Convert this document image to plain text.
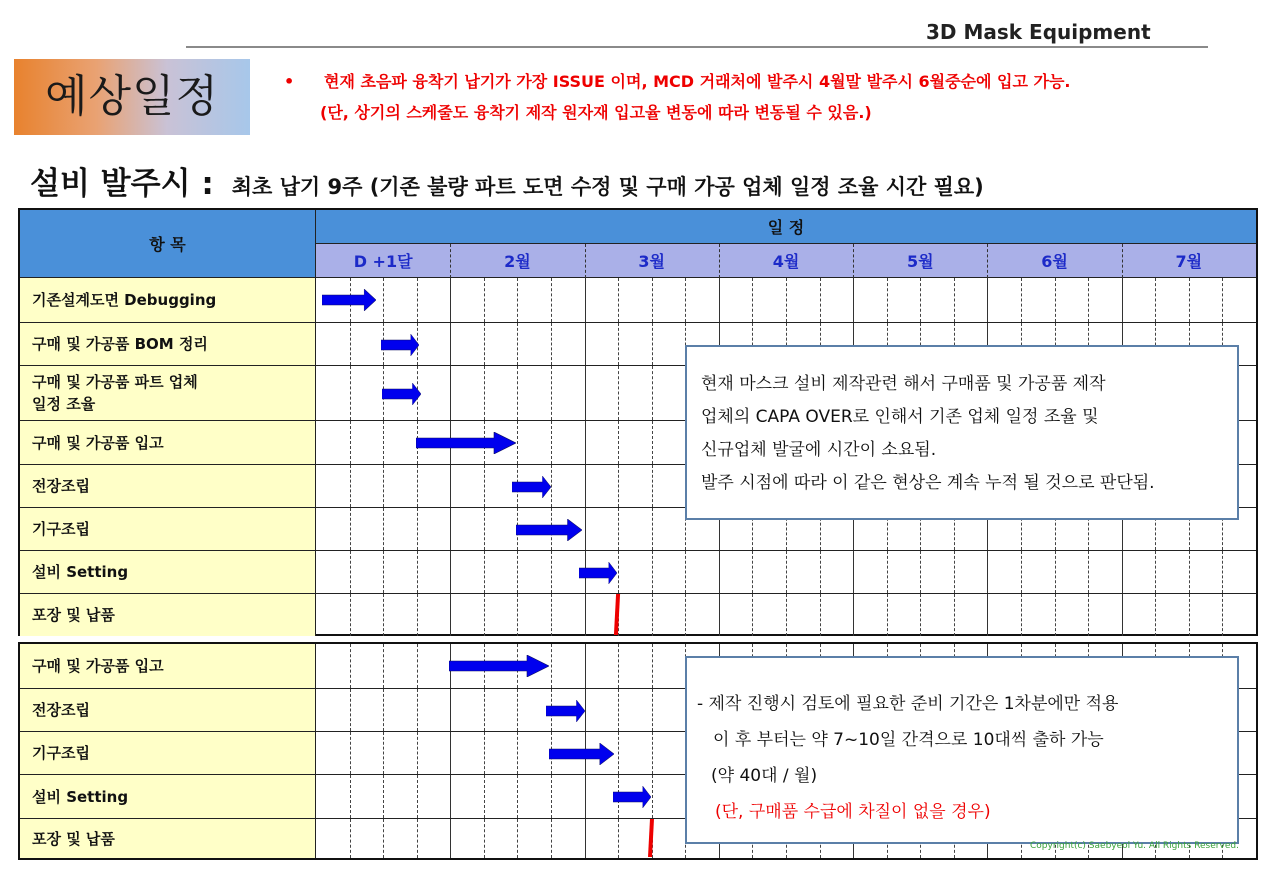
3D Mask Equipment
예상일정	• 현재 초음파 융착기 납기가 가장 ISSUE 이며, MCD 거래처에 발주시 4월말 발주시 6월중순에 입고 가능.
(단, 상기의 스케줄도 융착기 제작 원자재 입고율 변동에 따라 변동될 수 있음.)
설비 발주시 : 최초 납기 9주 (기존 불량 파트 도면 수정 및 구매 가공 업체 일정 조율 시간 필요)
항 목
일 정
D +1달	2월	3월	4월	5월	6월	7월
기존설계도면 Debugging
구매 및 가공품 BOM 정리
구매 및 가공품 파트 업체
일정 조율
구매 및 가공품 입고
전장조립
기구조립
설비 Setting
포장 및 납품
구매 및 가공품 입고
전장조립
기구조립
설비 Setting
포장 및 납품

현재 마스크 설비 제작관련 해서 구매품 및 가공품 제작

업체의 CAPA OVER로 인해서 기존 업체 일정 조율 및

신규업체 발굴에 시간이 소요됨.

발주 시점에 따라 이 같은 현상은 계속 누적 될 것으로 판단됨.

- 제작 진행시 검토에 필요한 준비 기간은 1차분에만 적용

이 후 부터는 약 7~10일 간격으로 10대씩 출하 가능

(약 40대 / 월)

(단, 구매품 수급에 차질이 없을 경우)

Copyright(c) Saebyeol Yu. All Rights Reserved.
